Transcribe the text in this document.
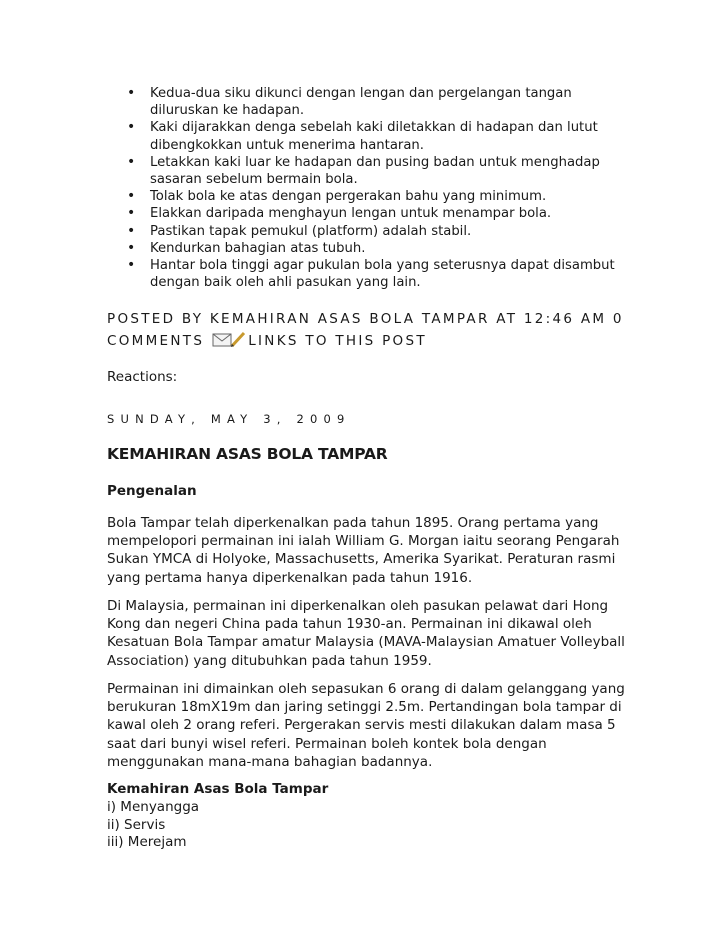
• Kedua-dua siku dikunci dengan lengan dan pergelangan tangan diluruskan ke hadapan.
• Kaki dijarakkan denga sebelah kaki diletakkan di hadapan dan lutut dibengkokkan untuk menerima hantaran.
• Letakkan kaki luar ke hadapan dan pusing badan untuk menghadap sasaran sebelum bermain bola.
• Tolak bola ke atas dengan pergerakan bahu yang minimum.
• Elakkan daripada menghayun lengan untuk menampar bola.
• Pastikan tapak pemukul (platform) adalah stabil.
• Kendurkan bahagian atas tubuh.
• Hantar bola tinggi agar pukulan bola yang seterusnya dapat disambut dengan baik oleh ahli pasukan yang lain.
POSTED BY KEMAHIRAN ASAS BOLA TAMPAR AT 12:46 AM 0 COMMENTS	LINKS TO THIS POST
Reactions:
SUNDAY, MAY 3, 2009
KEMAHIRAN ASAS BOLA TAMPAR
Pengenalan

Bola Tampar telah diperkenalkan pada tahun 1895. Orang pertama yang mempelopori permainan ini ialah William G. Morgan iaitu seorang Pengarah Sukan YMCA di Holyoke, Massachusetts, Amerika Syarikat. Peraturan rasmi yang pertama hanya diperkenalkan pada tahun 1916.

Di Malaysia, permainan ini diperkenalkan oleh pasukan pelawat dari Hong Kong dan negeri China pada tahun 1930-an. Permainan ini dikawal oleh Kesatuan Bola Tampar amatur Malaysia (MAVA-Malaysian Amatuer Volleyball Association) yang ditubuhkan pada tahun 1959.

Permainan ini dimainkan oleh sepasukan 6 orang di dalam gelanggang yang berukuran 18mX19m dan jaring setinggi 2.5m. Pertandingan bola tampar di kawal oleh 2 orang referi. Pergerakan servis mesti dilakukan dalam masa 5 saat dari bunyi wisel referi. Permainan boleh kontek bola dengan menggunakan mana-mana bahagian badannya.

Kemahiran Asas Bola Tampar
i) Menyangga
ii) Servis
iii) Merejam
